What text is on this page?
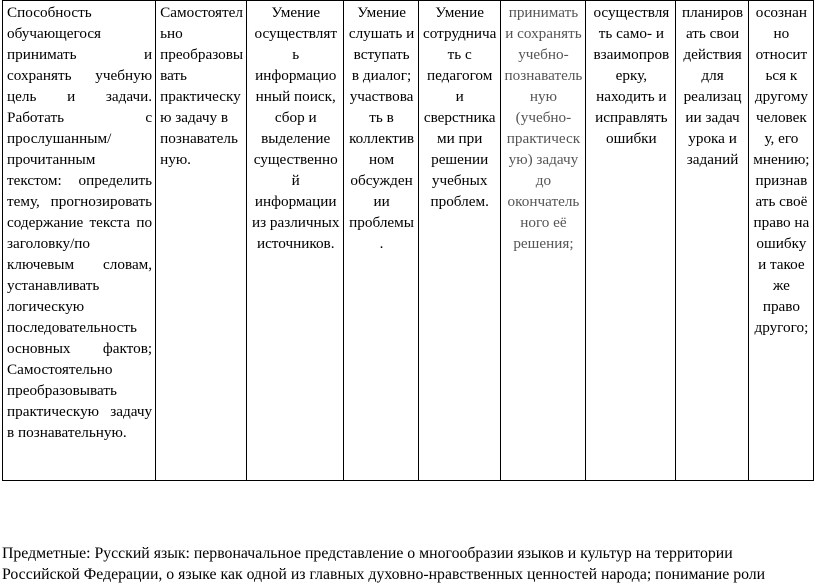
Способность обучающегося принимать и сохранять учебную цель и задачи. Работать с прослушанным/прочитанным текстом: определить тему, прогнозировать содержание текста по заголовку/по ключевым словам, устанавливать логическую последовательность основных фактов; Самостоятельно преобразовывать практическую задачу в познавательную.	Самостоятельно преобразовывать практическую задачу в познавательную.	Умение осуществлять информационный поиск, сбор и выделение существенной информации из различных источников.	Умение слушать и вступать в диалог; участвовать в коллективном обсуждении проблемы.	Умение сотрудничать с педагогом и сверстниками при решении учебных проблем.	принимать и сохранять учебно-познавательную (учебно-практическую) задачу до окончательного её решения;	осуществлять само- и взаимопроверку, находить и исправлять ошибки	планировать свои действия для реализации задач урока и заданий	осознанно относиться к другому человеку, его мнению; признавать своё право на ошибку и такое же право другого;

Предметные: Русский язык: первоначальное представление о многообразии языков и культур на территории

Российской Федерации, о языке как одной из главных духовно-нравственных ценностей народа; понимание роли
